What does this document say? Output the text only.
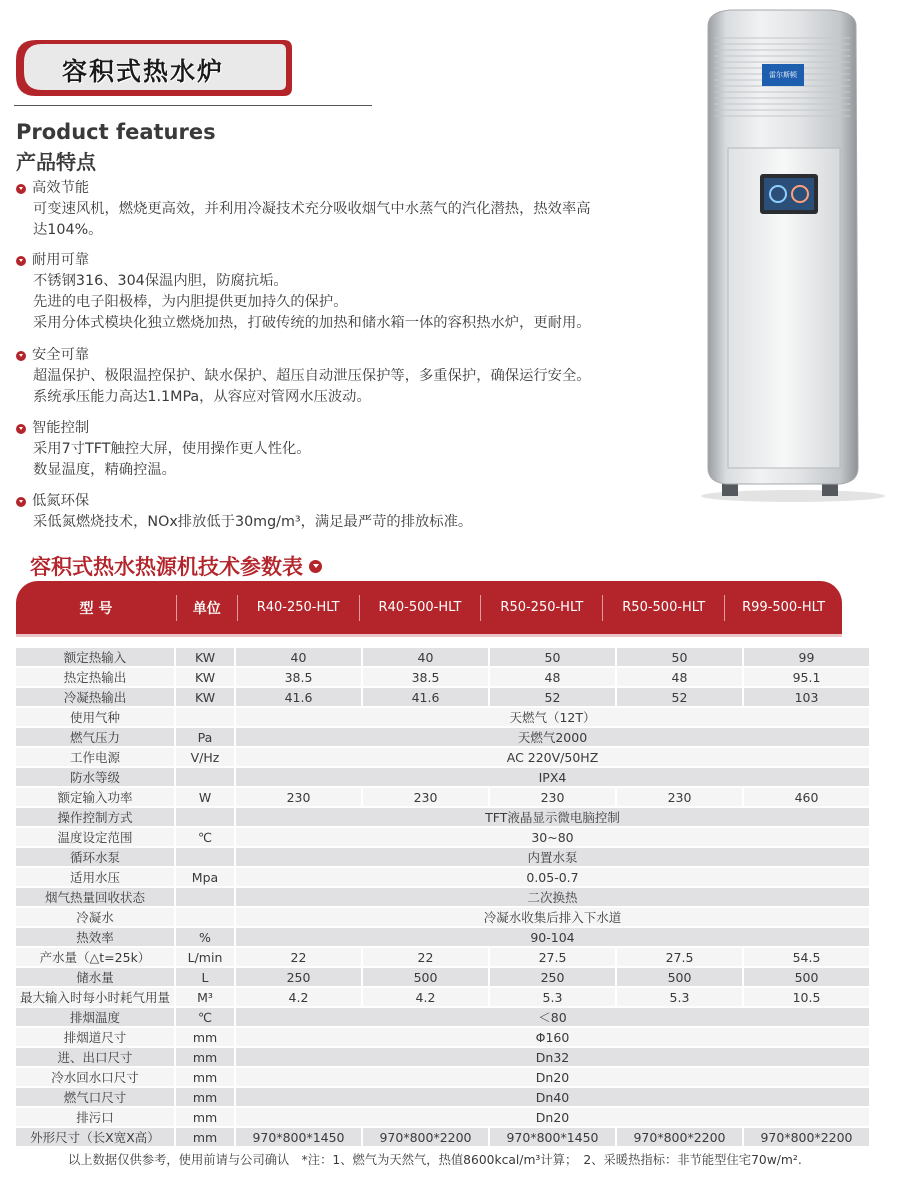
容积式热水炉
Product features
产品特点
高效节能
可变速风机，燃烧更高效，并利用冷凝技术充分吸收烟气中水蒸气的汽化潜热，热效率高
达104%。
耐用可靠
不锈钢316、304保温内胆，防腐抗垢。
先进的电子阳极棒，为内胆提供更加持久的保护。
采用分体式模块化独立燃烧加热，打破传统的加热和储水箱一体的容积热水炉，更耐用。
安全可靠
超温保护、极限温控保护、缺水保护、超压自动泄压保护等，多重保护，确保运行安全。
系统承压能力高达1.1MPa，从容应对管网水压波动。
智能控制
采用7寸TFT触控大屏，使用操作更人性化。
数显温度，精确控温。
低氮环保
采低氮燃烧技术，NOx排放低于30mg/m³，满足最严苛的排放标准。
雷尔斯顿
容积式热水热源机技术参数表
型 号	单位	R40-250-HLT	R40-500-HLT	R50-250-HLT	R50-500-HLT	R99-500-HLT
额定热输入	KW	40	40	50	50	99
热定热输出	KW	38.5	38.5	48	48	95.1
冷凝热输出	KW	41.6	41.6	52	52	103
使用气种		天燃气（12T）				
燃气压力	Pa	天燃气2000				
工作电源	V/Hz	AC 220V/50HZ				
防水等级		IPX4				
额定输入功率	W	230	230	230	230	460
操作控制方式		TFT液晶显示微电脑控制				
温度设定范围	℃	30~80				
循环水泵		内置水泵				
适用水压	Mpa	0.05-0.7				
烟气热量回收状态		二次换热				
冷凝水		冷凝水收集后排入下水道				
热效率	%	90-104				
产水量（△t=25k）	L/min	22	22	27.5	27.5	54.5
储水量	L	250	500	250	500	500
最大输入时每小时耗气用量	M³	4.2	4.2	5.3	5.3	10.5
排烟温度	℃	＜80				
排烟道尺寸	mm	Φ160				
进、出口尺寸	mm	Dn32				
冷水回水口尺寸	mm	Dn20				
燃气口尺寸	mm	Dn40				
排污口	mm	Dn20				
外形尺寸（长X宽X高）	mm	970*800*1450	970*800*2200	970*800*1450	970*800*2200	970*800*2200
以上数据仅供参考，使用前请与公司确认　*注：1、燃气为天然气，热值8600kcal/m³计算；　2、采暖热指标：非节能型住宅70w/m².
